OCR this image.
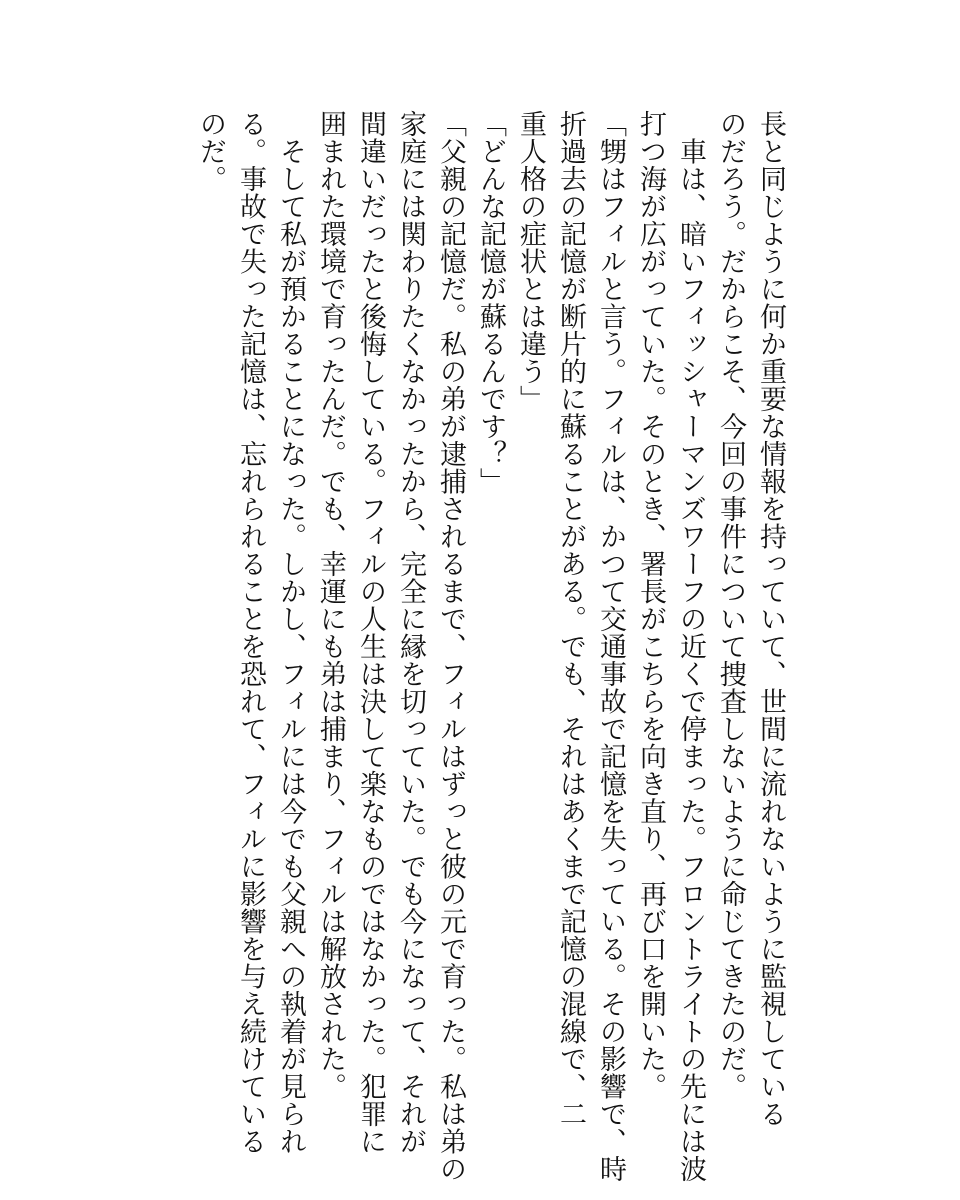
長と同じように何か重要な情報を持っていて、世間に流れないように監視している
のだろう。だからこそ、今回の事件について捜査しないように命じてきたのだ。
　車は、暗いフィッシャーマンズワーフの近くで停まった。フロントライトの先には波
打つ海が広がっていた。そのとき、署長がこちらを向き直り、再び口を開いた。
「甥はフィルと言う。フィルは、かつて交通事故で記憶を失っている。その影響で、時
折過去の記憶が断片的に蘇ることがある。でも、それはあくまで記憶の混線で、二
重人格の症状とは違う」
「どんな記憶が蘇るんです？」
「父親の記憶だ。私の弟が逮捕されるまで、フィルはずっと彼の元で育った。私は弟の
家庭には関わりたくなかったから、完全に縁を切っていた。でも今になって、それが
間違いだったと後悔している。フィルの人生は決して楽なものではなかった。犯罪に
囲まれた環境で育ったんだ。でも、幸運にも弟は捕まり、フィルは解放された。
　そして私が預かることになった。しかし、フィルには今でも父親への執着が見られ
る。事故で失った記憶は、忘れられることを恐れて、フィルに影響を与え続けている
のだ。
